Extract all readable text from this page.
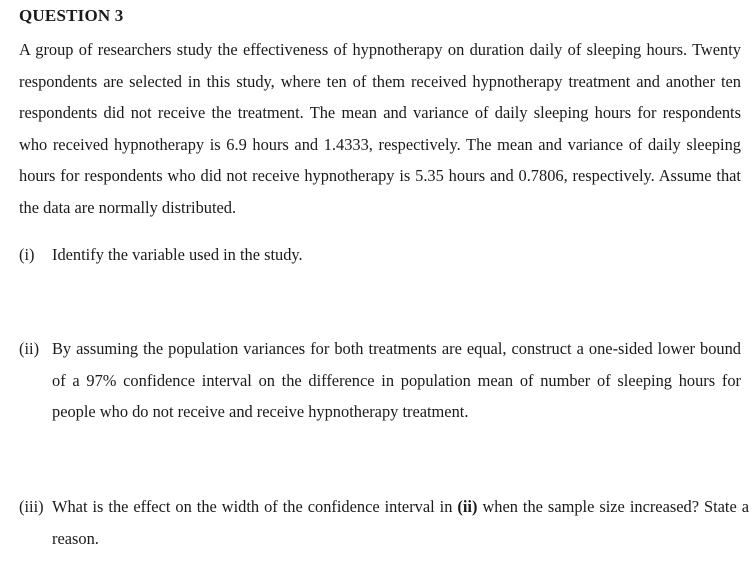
QUESTION 3
A group of researchers study the effectiveness of hypnotherapy on duration daily of sleeping hours. Twenty respondents are selected in this study, where ten of them received hypnotherapy treatment and another ten respondents did not receive the treatment. The mean and variance of daily sleeping hours for respondents who received hypnotherapy is 6.9 hours and 1.4333, respectively. The mean and variance of daily sleeping hours for respondents who did not receive hypnotherapy is 5.35 hours and 0.7806, respectively. Assume that the data are normally distributed.
(i) Identify the variable used in the study.
(ii) By assuming the population variances for both treatments are equal, construct a one-sided lower bound of a 97% confidence interval on the difference in population mean of number of sleeping hours for people who do not receive and receive hypnotherapy treatment.
(iii) What is the effect on the width of the confidence interval in (ii) when the sample size increased? State a reason.
